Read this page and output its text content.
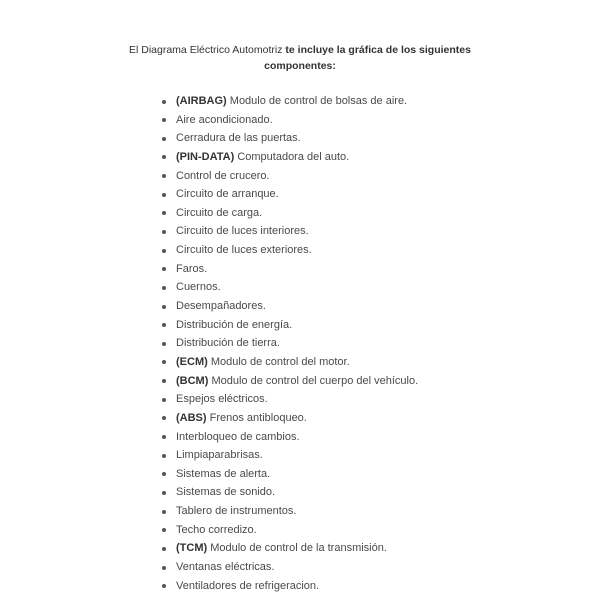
El Diagrama Eléctrico Automotriz te incluye la gráfica de los siguientes
componentes:
(AIRBAG) Modulo de control de bolsas de aire.
Aire acondicionado.
Cerradura de las puertas.
(PIN-DATA) Computadora del auto.
Control de crucero.
Circuito de arranque.
Circuito de carga.
Circuito de luces interiores.
Circuito de luces exteriores.
Faros.
Cuernos.
Desempañadores.
Distribución de energía.
Distribución de tierra.
(ECM) Modulo de control del motor.
(BCM) Modulo de control del cuerpo del vehículo.
Espejos eléctricos.
(ABS) Frenos antibloqueo.
Interbloqueo de cambios.
Limpiaparabrisas.
Sistemas de alerta.
Sistemas de sonido.
Tablero de instrumentos.
Techo corredizo.
(TCM) Modulo de control de la transmisión.
Ventanas eléctricas.
Ventiladores de refrigeracion.
